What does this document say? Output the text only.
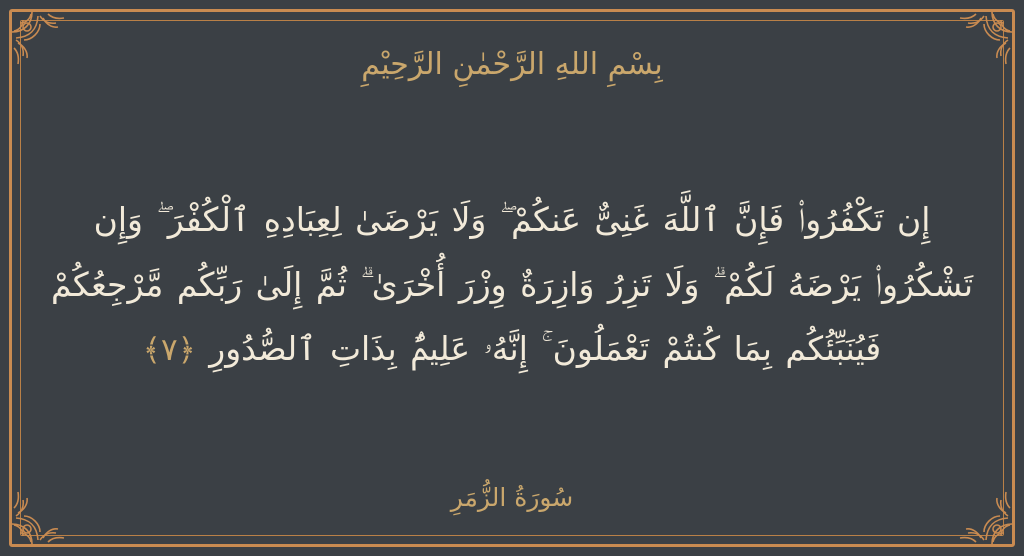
بِسْمِ اللهِ الرَّحْمٰنِ الرَّحِيْمِ
إِن تَكْفُرُوا۟ فَإِنَّ ٱللَّهَ غَنِىٌّ عَنكُمْ ۖ وَلَا يَرْضَىٰ لِعِبَادِهِ ٱلْكُفْرَ ۖ وَإِن تَشْكُرُوا۟ يَرْضَهُ لَكُمْ ۗ وَلَا تَزِرُ وَازِرَةٌ وِزْرَ أُخْرَىٰ ۗ ثُمَّ إِلَىٰ رَبِّكُم مَّرْجِعُكُمْ فَيُنَبِّئُكُم بِمَا كُنتُمْ تَعْمَلُونَ ۚ إِنَّهُۥ عَلِيمٌۢ بِذَاتِ ٱلصُّدُورِ ﴿٧﴾
سُورَةُ الزُّمَرِ
